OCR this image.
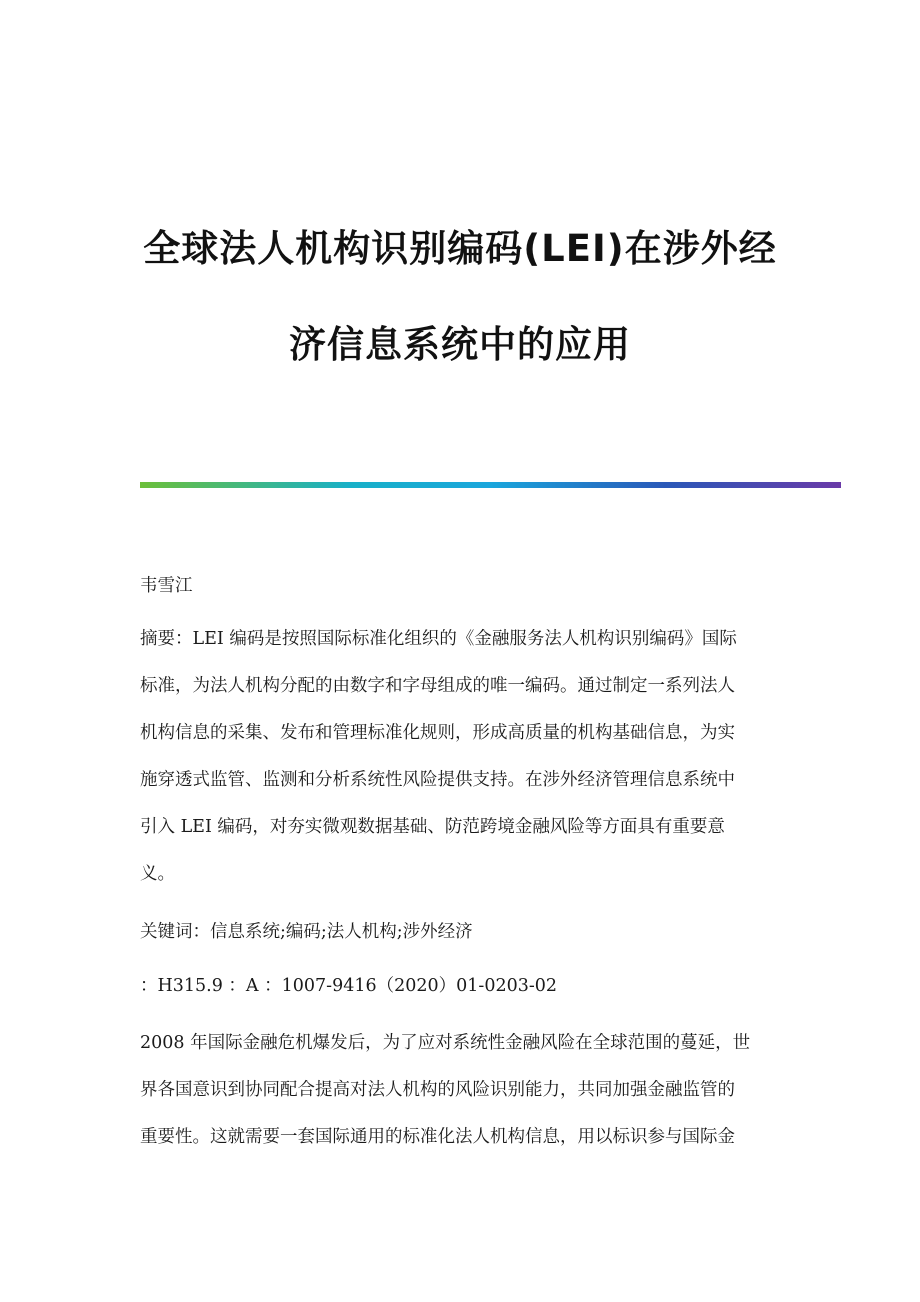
全球法人机构识别编码(LEI)在涉外经
济信息系统中的应用
韦雪江
摘要：LEI 编码是按照国际标准化组织的《金融服务法人机构识别编码》国际
标准，为法人机构分配的由数字和字母组成的唯一编码。通过制定一系列法人
机构信息的采集、发布和管理标准化规则，形成高质量的机构基础信息，为实
施穿透式监管、监测和分析系统性风险提供支持。在涉外经济管理信息系统中
引入 LEI 编码，对夯实微观数据基础、防范跨境金融风险等方面具有重要意
义。
关键词：信息系统;编码;法人机构;涉外经济
：H315.9 ：A ：1007-9416（2020）01-0203-02
2008 年国际金融危机爆发后，为了应对系统性金融风险在全球范围的蔓延，世
界各国意识到协同配合提高对法人机构的风险识别能力，共同加强金融监管的
重要性。这就需要一套国际通用的标准化法人机构信息，用以标识参与国际金
